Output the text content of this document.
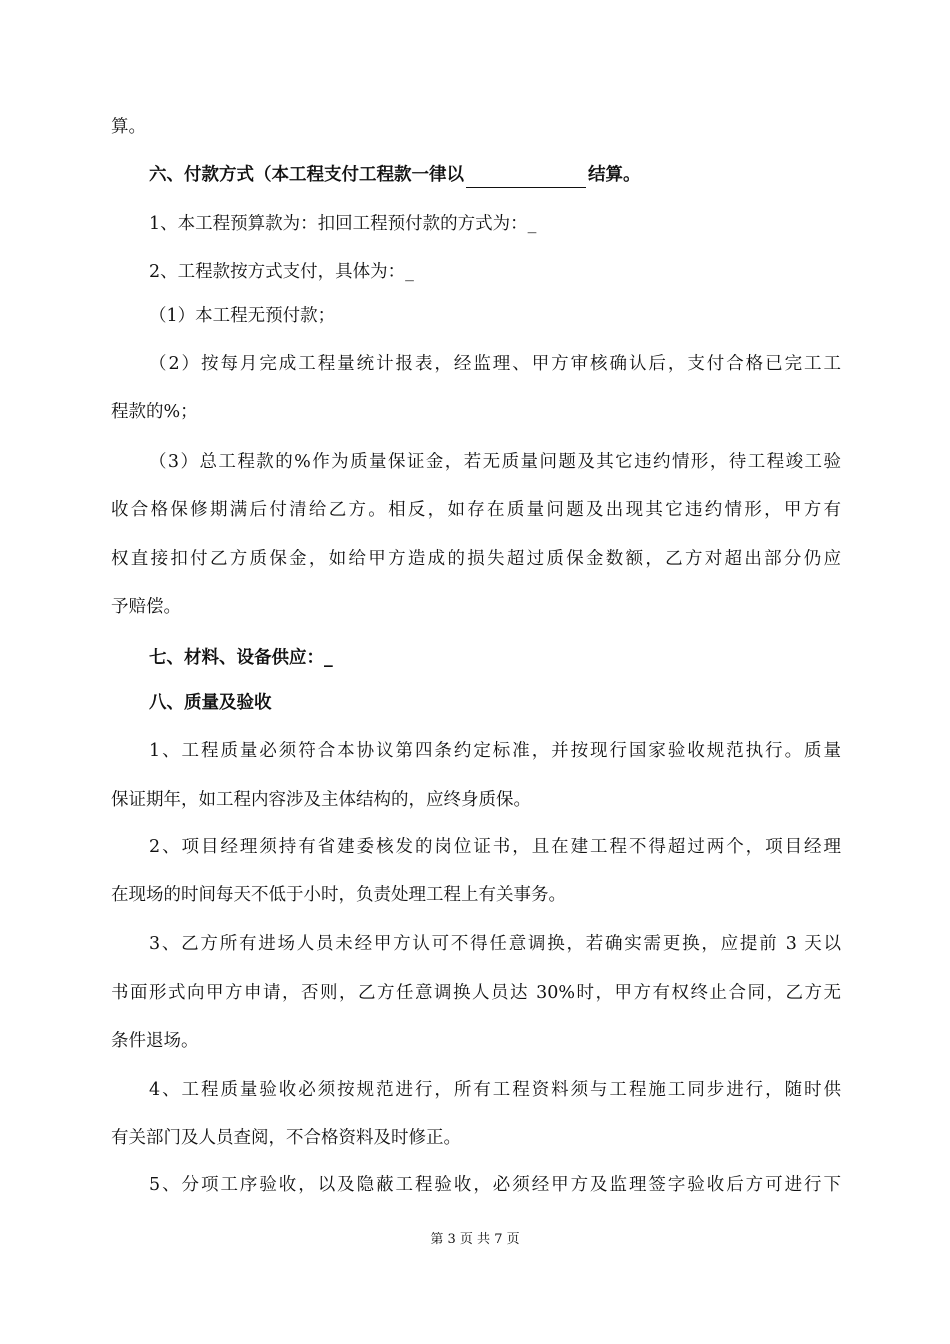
算。
六、付款方式（本工程支付工程款一律以	结算。
1、本工程预算款为：扣回工程预付款的方式为：_
2、工程款按方式支付，具体为：_
（1）本工程无预付款；
（2）按每月完成工程量统计报表，经监理、甲方审核确认后，支付合格已完工工
程款的%；
（3）总工程款的%作为质量保证金，若无质量问题及其它违约情形，待工程竣工验
收合格保修期满后付清给乙方。相反，如存在质量问题及出现其它违约情形，甲方有
权直接扣付乙方质保金，如给甲方造成的损失超过质保金数额，乙方对超出部分仍应
予赔偿。
七、材料、设备供应：_
八、质量及验收
1、工程质量必须符合本协议第四条约定标准，并按现行国家验收规范执行。质量
保证期年，如工程内容涉及主体结构的，应终身质保。
2、项目经理须持有省建委核发的岗位证书，且在建工程不得超过两个，项目经理
在现场的时间每天不低于小时，负责处理工程上有关事务。
3、乙方所有进场人员未经甲方认可不得任意调换，若确实需更换，应提前 3 天以
书面形式向甲方申请，否则，乙方任意调换人员达 30%时，甲方有权终止合同，乙方无
条件退场。
4、工程质量验收必须按规范进行，所有工程资料须与工程施工同步进行，随时供
有关部门及人员查阅，不合格资料及时修正。
5、分项工序验收，以及隐蔽工程验收，必须经甲方及监理签字验收后方可进行下
第 3 页 共 7 页
